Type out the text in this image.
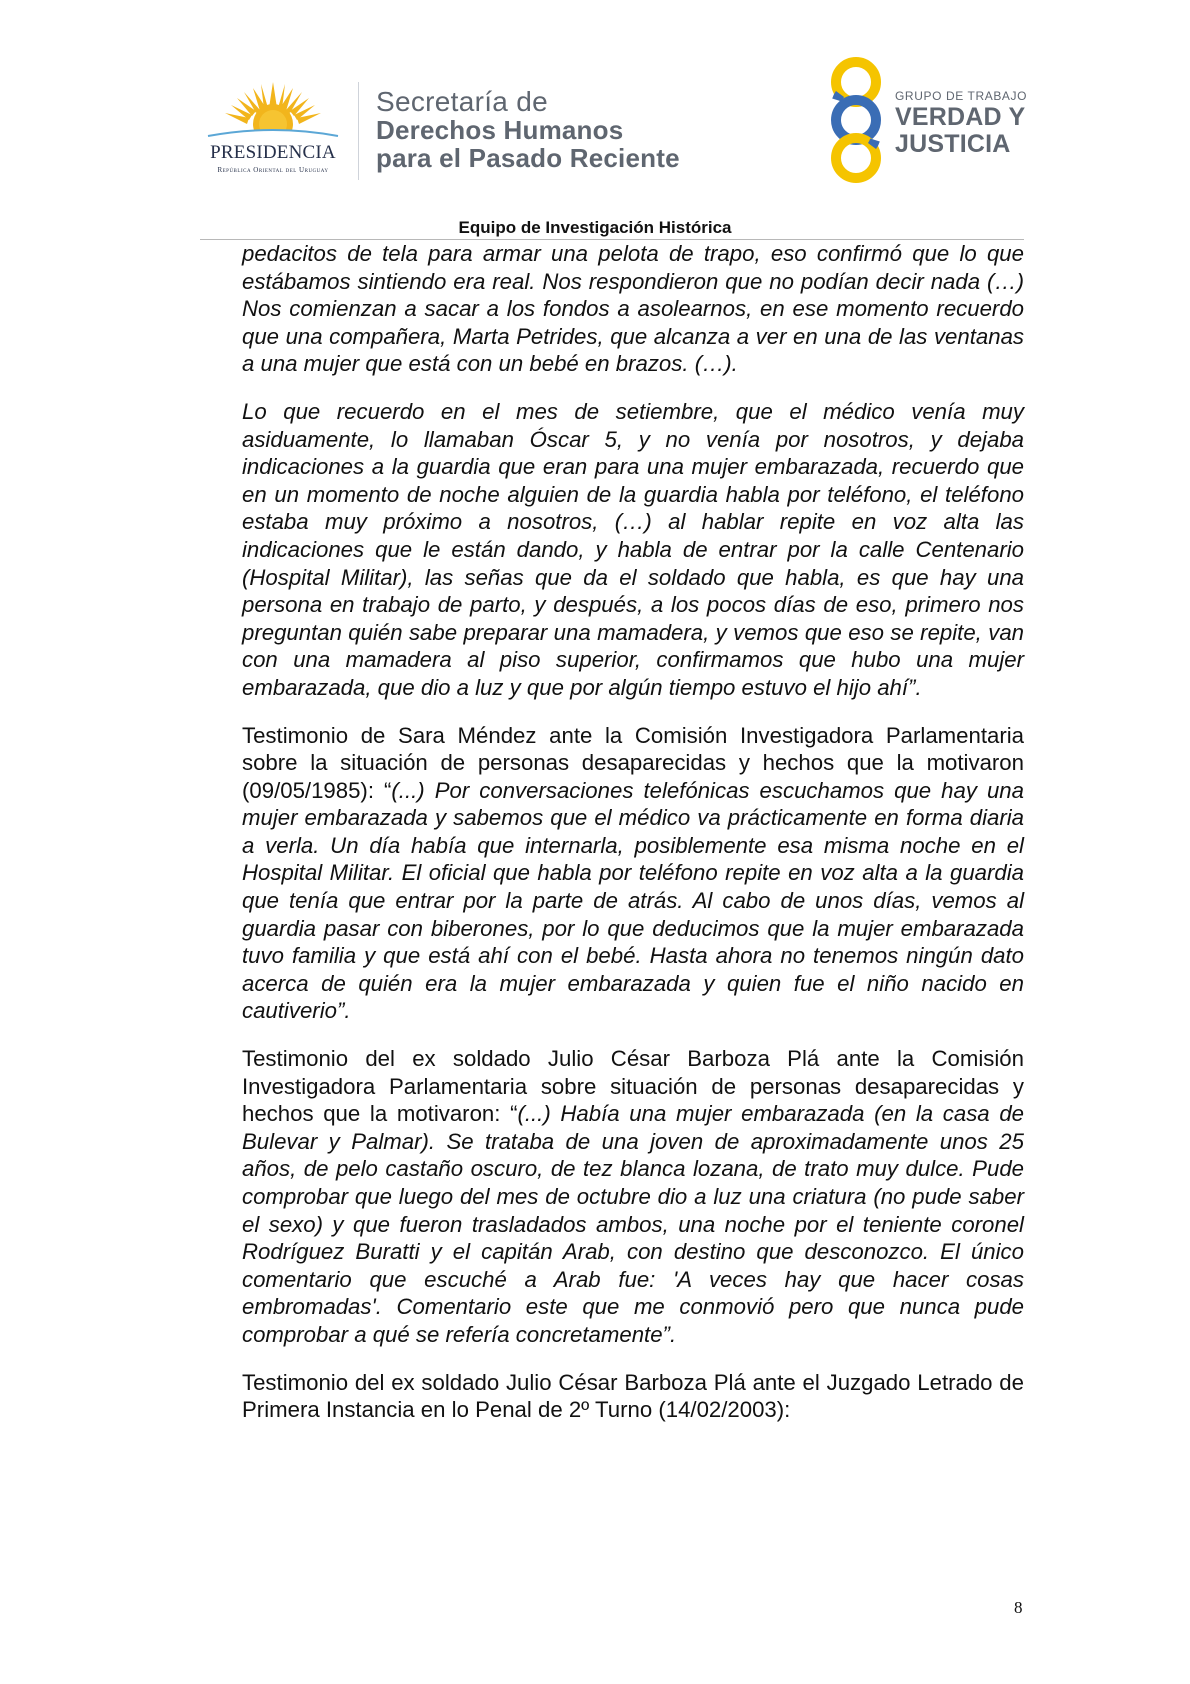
PRESIDENCIA
República Oriental del Uruguay
Secretaría de
Derechos Humanos
para el Pasado Reciente
GRUPO DE TRABAJO
VERDAD Y
JUSTICIA
Equipo de Investigación Histórica

pedacitos de tela para armar una pelota de trapo, eso confirmó que lo que estábamos sintiendo era real. Nos respondieron que no podían decir nada (…) Nos comienzan a sacar a los fondos a asolearnos, en ese momento recuerdo que una compañera, Marta Petrides, que alcanza a ver en una de las ventanas a una mujer que está con un bebé en brazos. (…).

Lo que recuerdo en el mes de setiembre, que el médico venía muy asiduamente, lo llamaban Óscar 5, y no venía por nosotros, y dejaba indicaciones a la guardia que eran para una mujer embarazada, recuerdo que en un momento de noche alguien de la guardia habla por teléfono, el teléfono estaba muy próximo a nosotros, (…) al hablar repite en voz alta las indicaciones que le están dando, y habla de entrar por la calle Centenario (Hospital Militar), las señas que da el soldado que habla, es que hay una persona en trabajo de parto, y después, a los pocos días de eso, primero nos preguntan quién sabe preparar una mamadera, y vemos que eso se repite, van con una mamadera al piso superior, confirmamos que hubo una mujer embarazada, que dio a luz y que por algún tiempo estuvo el hijo ahí”.

Testimonio de Sara Méndez ante la Comisión Investigadora Parlamentaria sobre la situación de personas desaparecidas y hechos que la motivaron (09/05/1985): “(...) Por conversaciones telefónicas escuchamos que hay una mujer embarazada y sabemos que el médico va prácticamente en forma diaria a verla. Un día había que internarla, posiblemente esa misma noche en el Hospital Militar. El oficial que habla por teléfono repite en voz alta a la guardia que tenía que entrar por la parte de atrás. Al cabo de unos días, vemos al guardia pasar con biberones, por lo que deducimos que la mujer embarazada tuvo familia y que está ahí con el bebé. Hasta ahora no tenemos ningún dato acerca de quién era la mujer embarazada y quien fue el niño nacido en cautiverio”.

Testimonio del ex soldado Julio César Barboza Plá ante la Comisión Investigadora Parlamentaria sobre situación de personas desaparecidas y hechos que la motivaron: “(...) Había una mujer embarazada (en la casa de Bulevar y Palmar). Se trataba de una joven de aproximadamente unos 25 años, de pelo castaño oscuro, de tez blanca lozana, de trato muy dulce. Pude comprobar que luego del mes de octubre dio a luz una criatura (no pude saber el sexo) y que fueron trasladados ambos, una noche por el teniente coronel Rodríguez Buratti y el capitán Arab, con destino que desconozco. El único comentario que escuché a Arab fue: 'A veces hay que hacer cosas embromadas'. Comentario este que me conmovió pero que nunca pude comprobar a qué se refería concretamente”.

Testimonio del ex soldado Julio César Barboza Plá ante el Juzgado Letrado de Primera Instancia en lo Penal de 2º Turno (14/02/2003):

8
